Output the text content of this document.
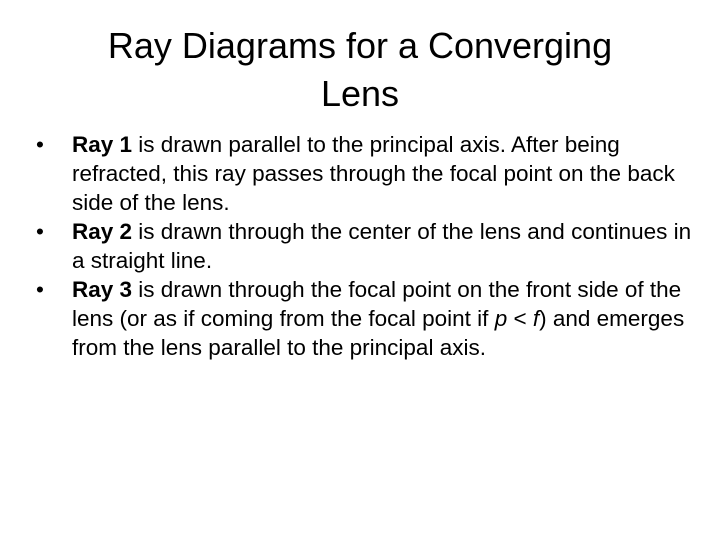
Ray Diagrams for a Converging
Lens
•	Ray 1 is drawn parallel to the principal axis. After being refracted, this ray passes through the focal point on the back side of the lens.
•	Ray 2 is drawn through the center of the lens and continues in a straight line.
•	Ray 3 is drawn through the focal point on the front side of the lens (or as if coming from the focal point if p < f) and emerges from the lens parallel to the principal axis.
